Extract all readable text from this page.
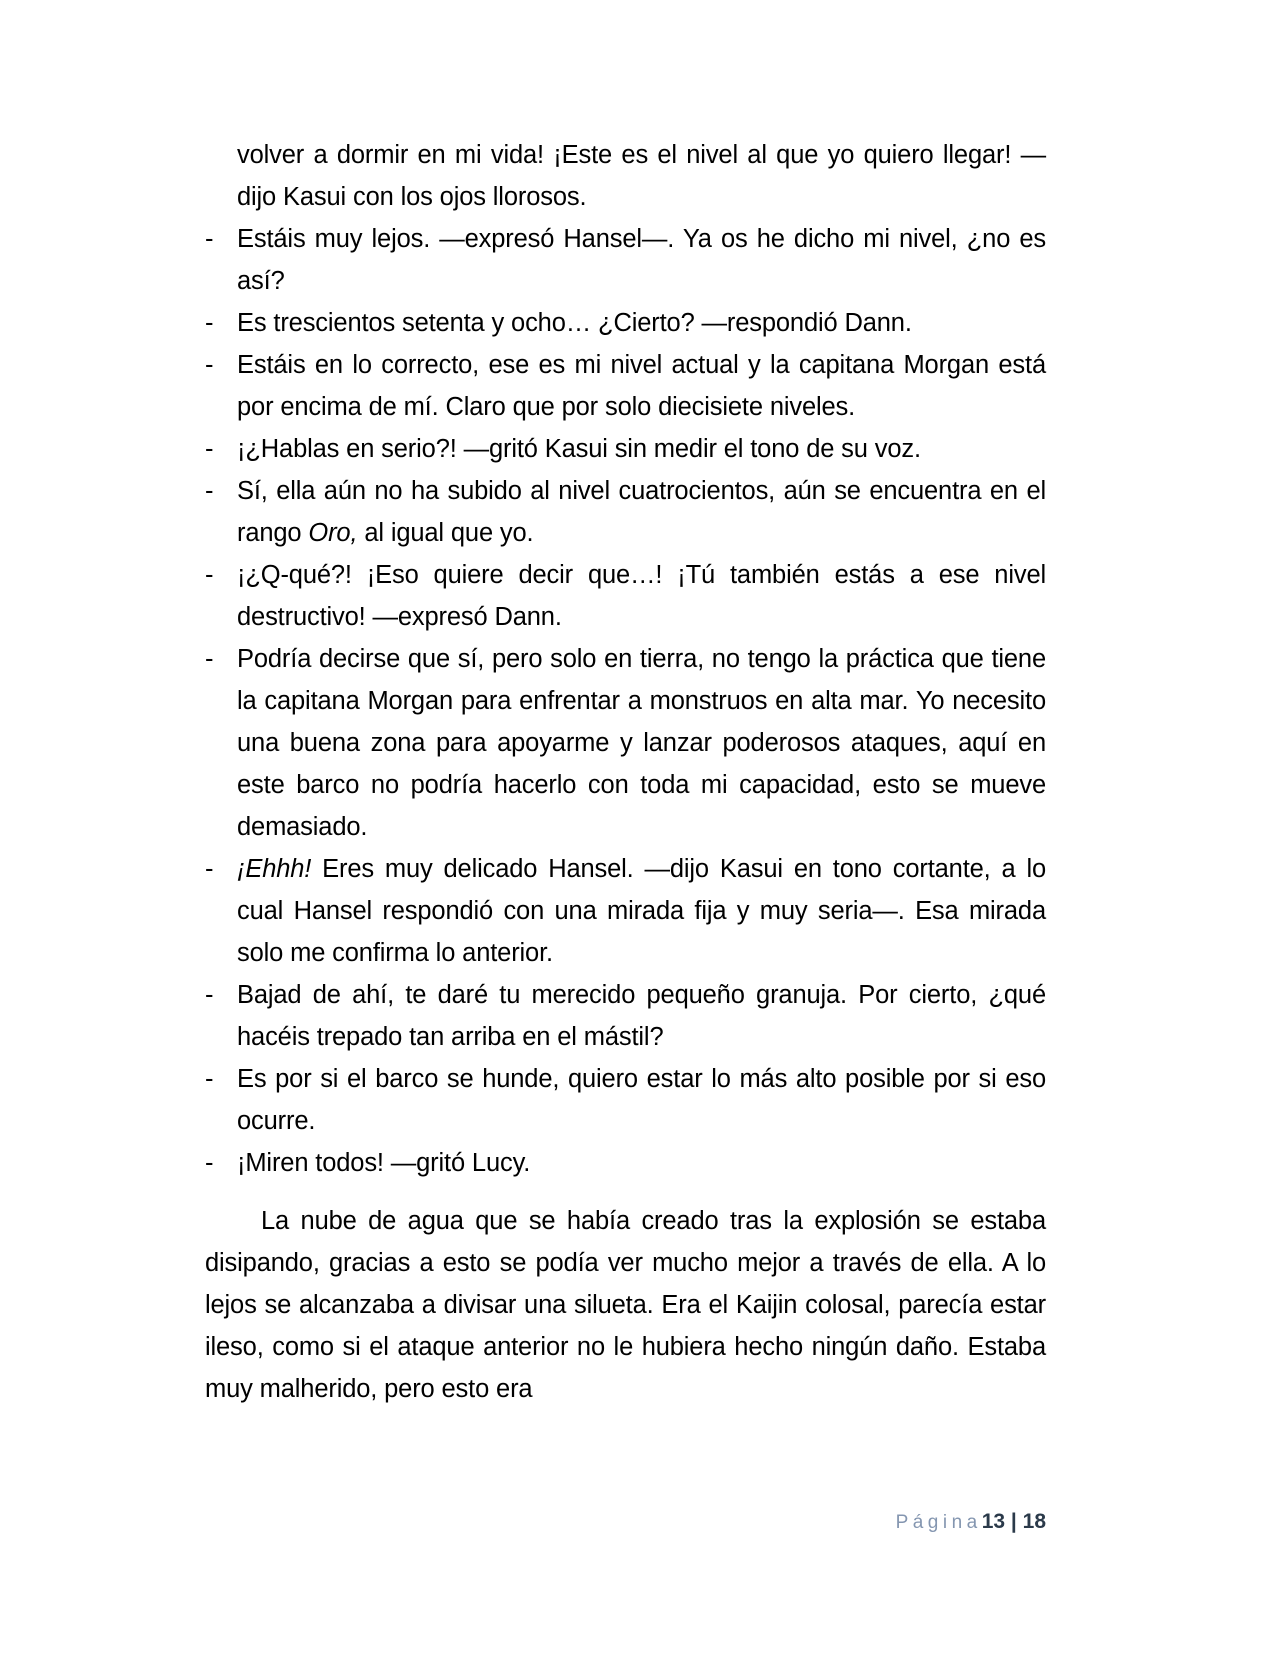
volver a dormir en mi vida! ¡Este es el nivel al que yo quiero llegar! —dijo Kasui con los ojos llorosos.
- Estáis muy lejos. —expresó Hansel—. Ya os he dicho mi nivel, ¿no es así?
- Es trescientos setenta y ocho… ¿Cierto? —respondió Dann.
- Estáis en lo correcto, ese es mi nivel actual y la capitana Morgan está por encima de mí. Claro que por solo diecisiete niveles.
- ¡¿Hablas en serio?! —gritó Kasui sin medir el tono de su voz.
- Sí, ella aún no ha subido al nivel cuatrocientos, aún se encuentra en el rango Oro, al igual que yo.
- ¡¿Q-qué?! ¡Eso quiere decir que…! ¡Tú también estás a ese nivel destructivo! —expresó Dann.
- Podría decirse que sí, pero solo en tierra, no tengo la práctica que tiene la capitana Morgan para enfrentar a monstruos en alta mar. Yo necesito una buena zona para apoyarme y lanzar poderosos ataques, aquí en este barco no podría hacerlo con toda mi capacidad, esto se mueve demasiado.
- ¡Ehhh! Eres muy delicado Hansel. —dijo Kasui en tono cortante, a lo cual Hansel respondió con una mirada fija y muy seria—. Esa mirada solo me confirma lo anterior.
- Bajad de ahí, te daré tu merecido pequeño granuja. Por cierto, ¿qué hacéis trepado tan arriba en el mástil?
- Es por si el barco se hunde, quiero estar lo más alto posible por si eso ocurre.
- ¡Miren todos! —gritó Lucy.

La nube de agua que se había creado tras la explosión se estaba disipando, gracias a esto se podía ver mucho mejor a través de ella. A lo lejos se alcanzaba a divisar una silueta. Era el Kaijin colosal, parecía estar ileso, como si el ataque anterior no le hubiera hecho ningún daño. Estaba muy malherido, pero esto era

Página13 | 18
